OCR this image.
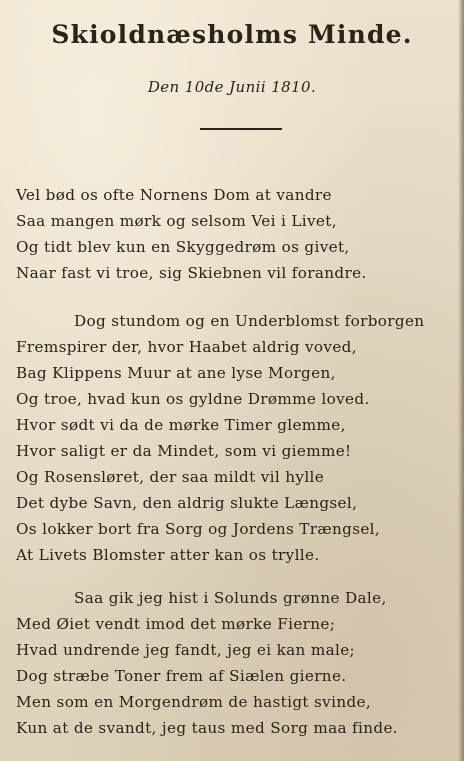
Skioldnæsholms Minde.
Den 10de Junii 1810.
Vel bød os ofte Nornens Dom at vandre
Saa mangen mørk og selsom Vei i Livet,
Og tidt blev kun en Skyggedrøm os givet,
Naar fast vi troe, sig Skiebnen vil forandre.
Dog stundom og en Underblomst forborgen
Fremspirer der, hvor Haabet aldrig voved,
Bag Klippens Muur at ane lyse Morgen,
Og troe, hvad kun os gyldne Drømme loved.
Hvor sødt vi da de mørke Timer glemme,
Hvor saligt er da Mindet, som vi giemme!
Og Rosensløret, der saa mildt vil hylle
Det dybe Savn, den aldrig slukte Længsel,
Os lokker bort fra Sorg og Jordens Trængsel,
At Livets Blomster atter kan os trylle.
Saa gik jeg hist i Solunds grønne Dale,
Med Øiet vendt imod det mørke Fierne;
Hvad undrende jeg fandt, jeg ei kan male;
Dog stræbe Toner frem af Siælen gierne.
Men som en Morgendrøm de hastigt svinde,
Kun at de svandt, jeg taus med Sorg maa finde.
